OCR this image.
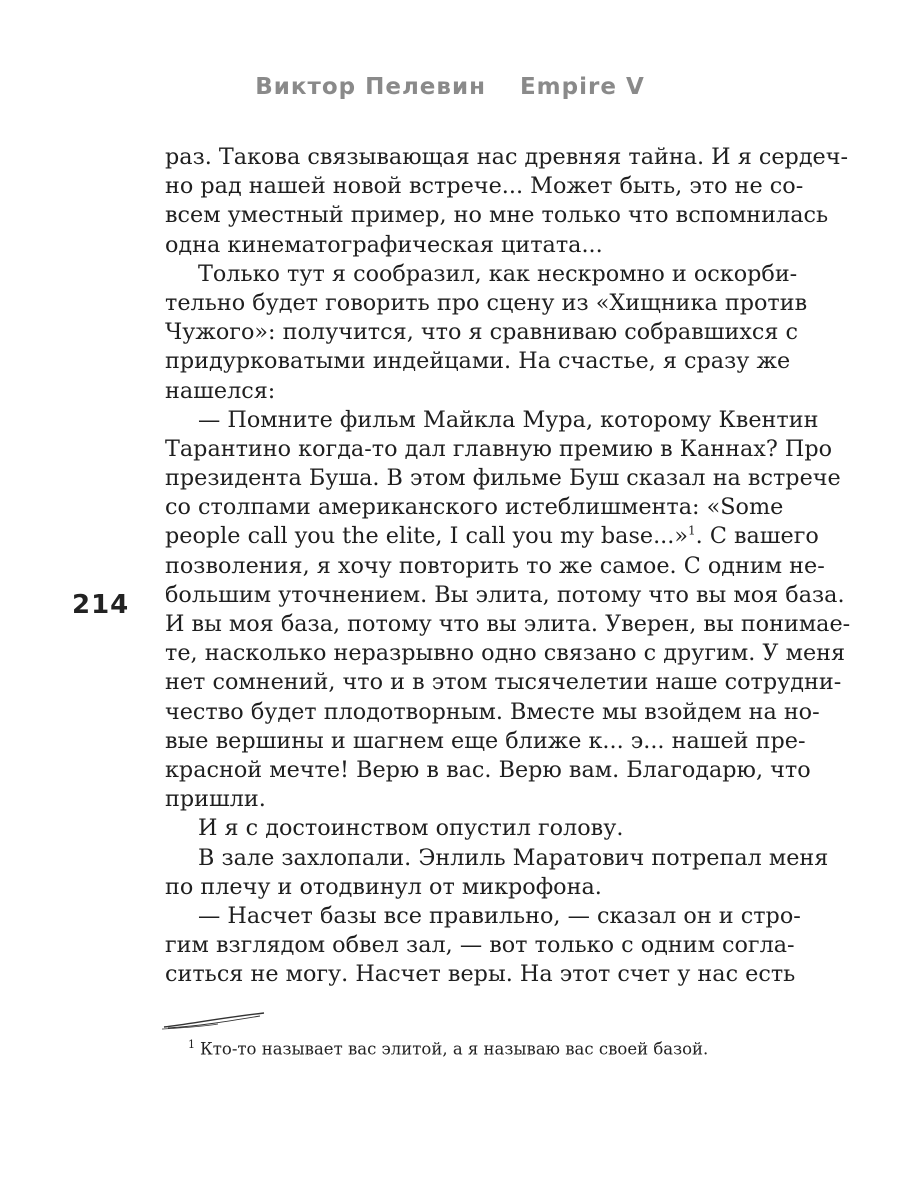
Виктор Пелевин Empire V
214
раз. Такова связывающая нас древняя тайна. И я сердеч-
но рад нашей новой встрече... Может быть, это не со-
всем уместный пример, но мне только что вспомнилась
одна кинематографическая цитата...
Только тут я сообразил, как нескромно и оскорби-
тельно будет говорить про сцену из «Хищника против
Чужого»: получится, что я сравниваю собравшихся с
придурковатыми индейцами. На счастье, я сразу же
нашелся:
— Помните фильм Майкла Мура, которому Квентин
Тарантино когда-то дал главную премию в Каннах? Про
президента Буша. В этом фильме Буш сказал на встрече
со столпами американского истеблишмента: «Some
people call you the elite, I call you my base...»$^1$. С вашего
позволения, я хочу повторить то же самое. С одним не-
большим уточнением. Вы элита, потому что вы моя база.
И вы моя база, потому что вы элита. Уверен, вы понимае-
те, насколько неразрывно одно связано с другим. У меня
нет сомнений, что и в этом тысячелетии наше сотрудни-
чество будет плодотворным. Вместе мы взойдем на но-
вые вершины и шагнем еще ближе к... э... нашей пре-
красной мечте! Верю в вас. Верю вам. Благодарю, что
пришли.
И я с достоинством опустил голову.
В зале захлопали. Энлиль Маратович потрепал меня
по плечу и отодвинул от микрофона.
— Насчет базы все правильно, — сказал он и стро-
гим взглядом обвел зал, — вот только с одним согла-
ситься не могу. Насчет веры. На этот счет у нас есть
$^1$ Кто-то называет вас элитой, а я называю вас своей базой.
